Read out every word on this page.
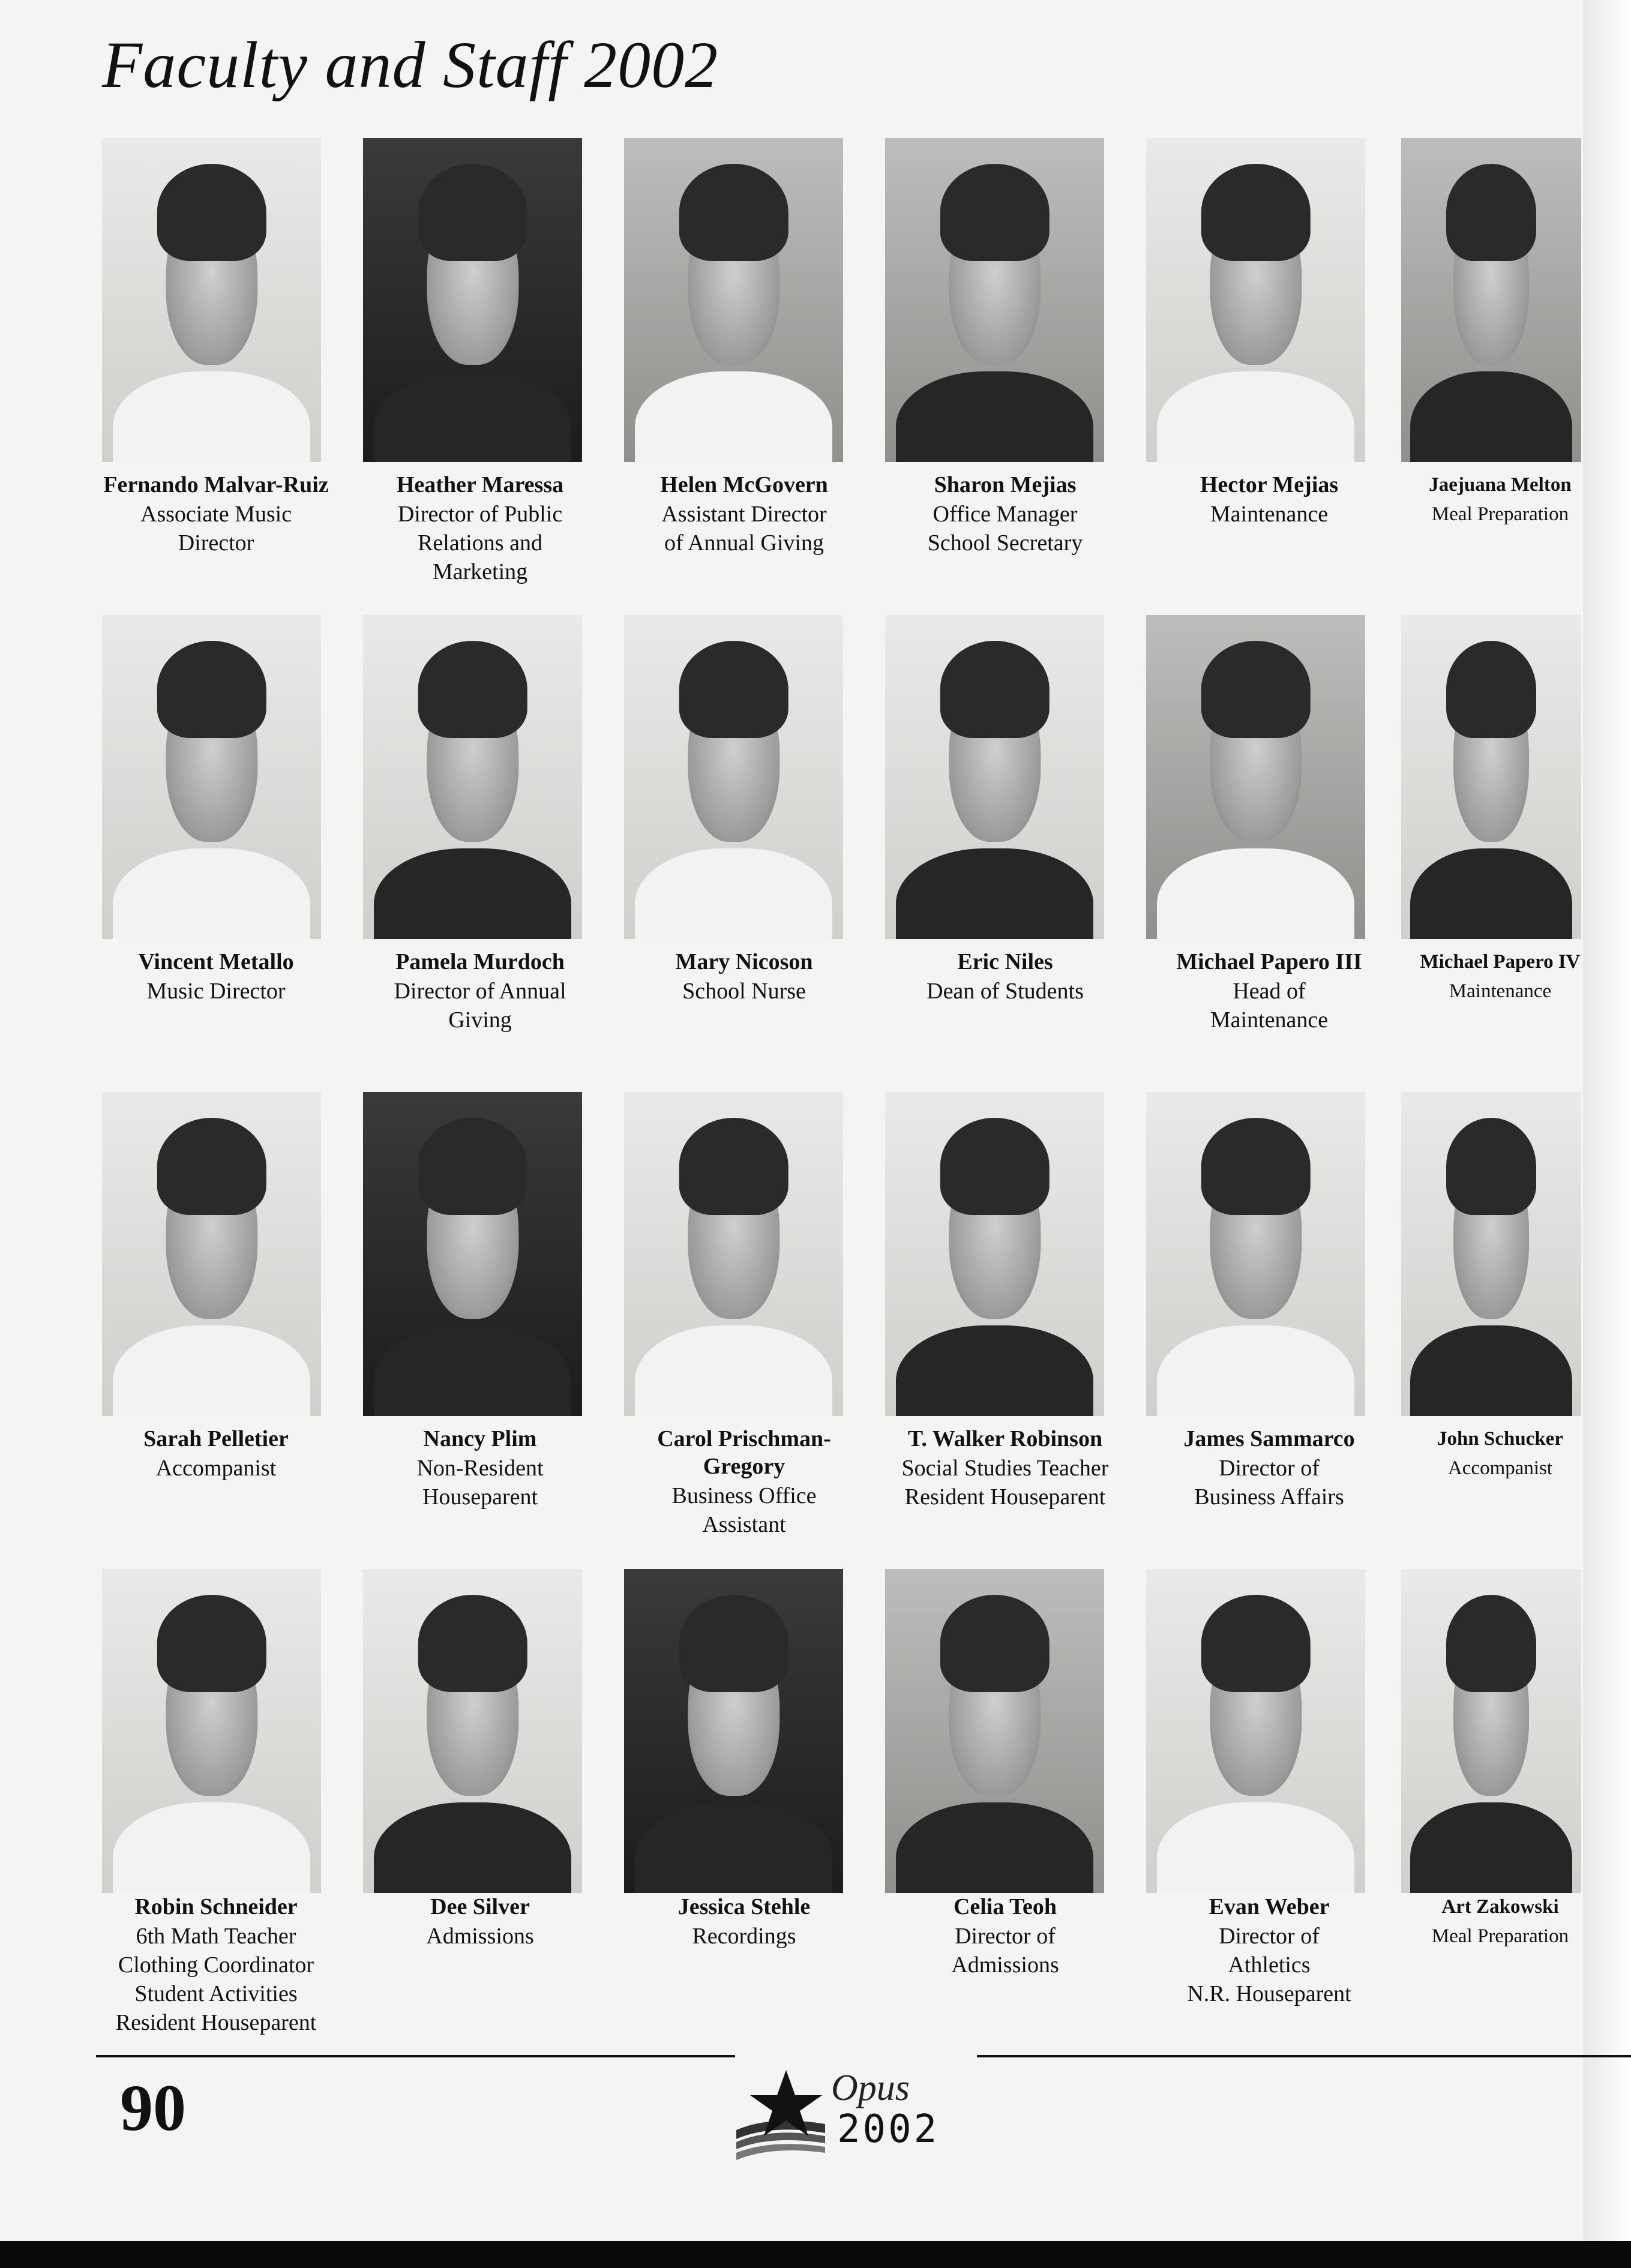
Faculty and Staff 2002
Fernando Malvar-Ruiz
Associate Music
Director
Heather Maressa
Director of Public
Relations and
Marketing
Helen McGovern
Assistant Director
of Annual Giving
Sharon Mejias
Office Manager
School Secretary
Hector Mejias
Maintenance
Jaejuana Melton
Meal Preparation
Vincent Metallo
Music Director
Pamela Murdoch
Director of Annual
Giving
Mary Nicoson
School Nurse
Eric Niles
Dean of Students
Michael Papero III
Head of
Maintenance
Michael Papero IV
Maintenance
Sarah Pelletier
Accompanist
Nancy Plim
Non-Resident
Houseparent
Carol Prischman-
Gregory
Business Office
Assistant
T. Walker Robinson
Social Studies Teacher
Resident Houseparent
James Sammarco
Director of
Business Affairs
John Schucker
Accompanist
Robin Schneider
6th Math Teacher
Clothing Coordinator
Student Activities
Resident Houseparent
Dee Silver
Admissions
Jessica Stehle
Recordings
Celia Teoh
Director of
Admissions
Evan Weber
Director of
Athletics
N.R. Houseparent
Art Zakowski
Meal Preparation
90	Opus
2002
